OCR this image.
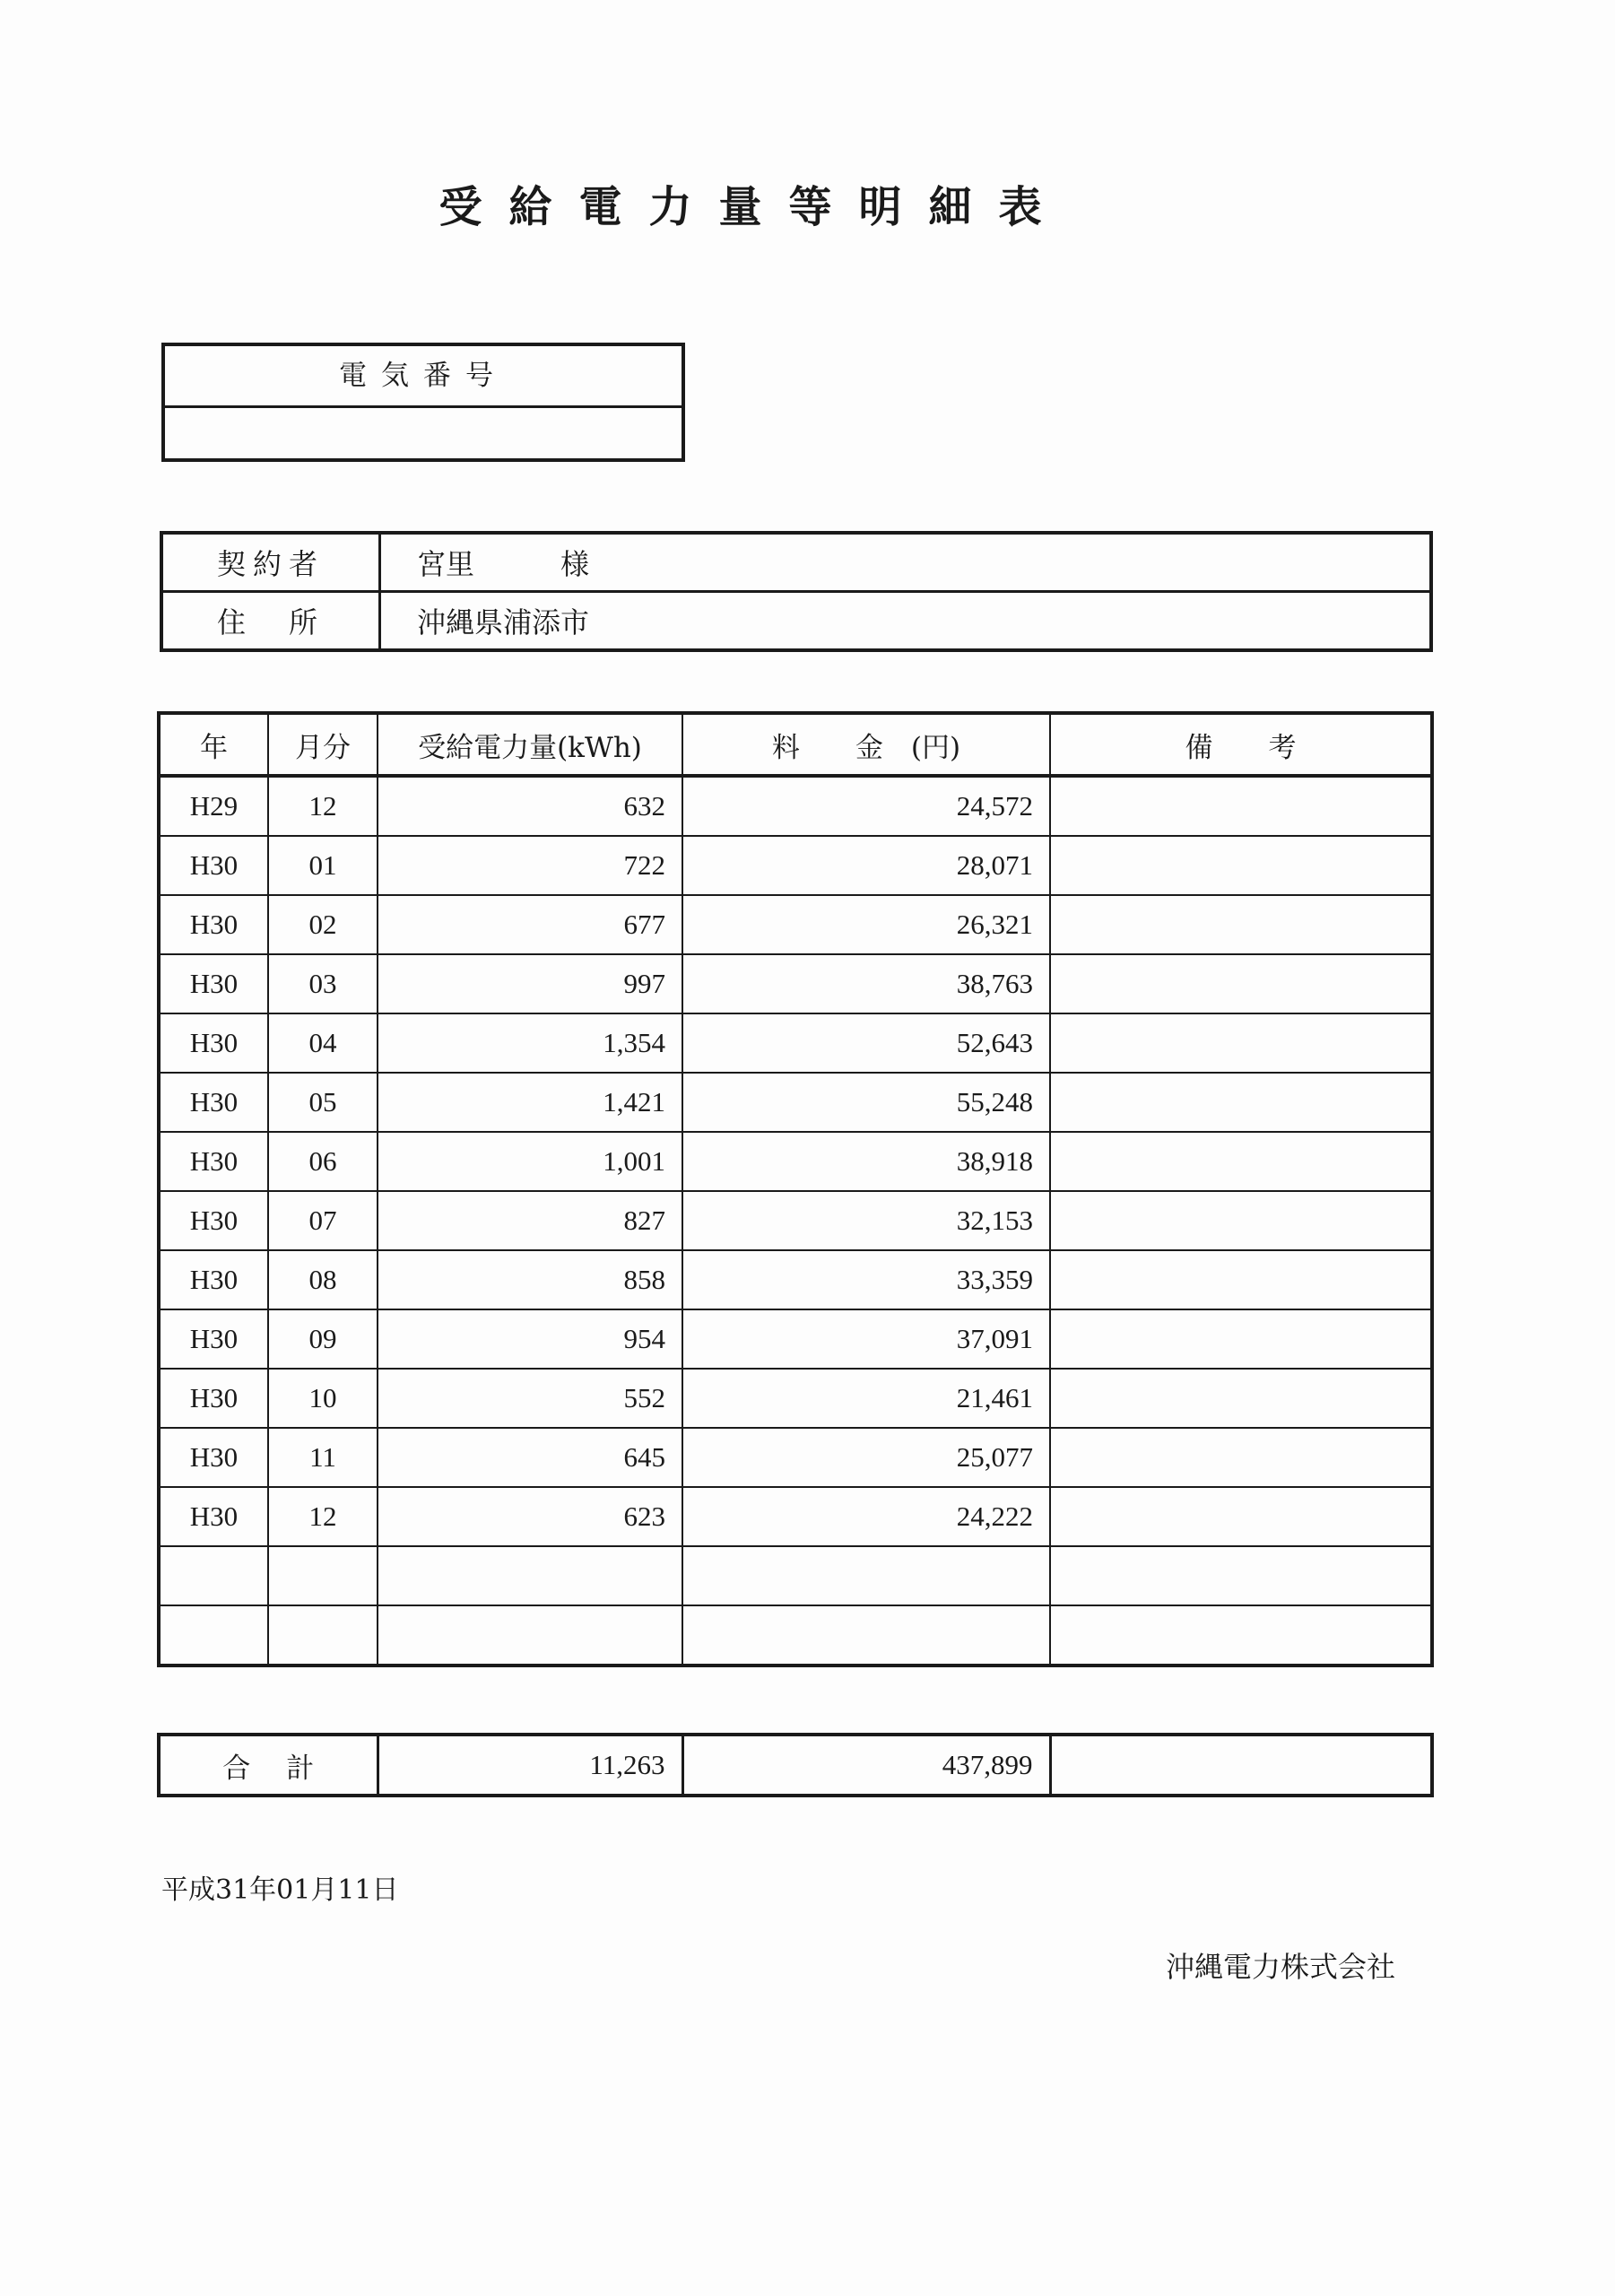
受給電力量等明細表
電気番号
契約者	宮里　　　様
住　所	沖縄県浦添市
年	月分	受給電力量(kWh)	料　　金　(円)	備　　考
H29	12	632	24,572	
H30	01	722	28,071	
H30	02	677	26,321	
H30	03	997	38,763	
H30	04	1,354	52,643	
H30	05	1,421	55,248	
H30	06	1,001	38,918	
H30	07	827	32,153	
H30	08	858	33,359	
H30	09	954	37,091	
H30	10	552	21,461	
H30	11	645	25,077	
H30	12	623	24,222	

合計	11,263	437,899	
平成31年01月11日
沖縄電力株式会社
